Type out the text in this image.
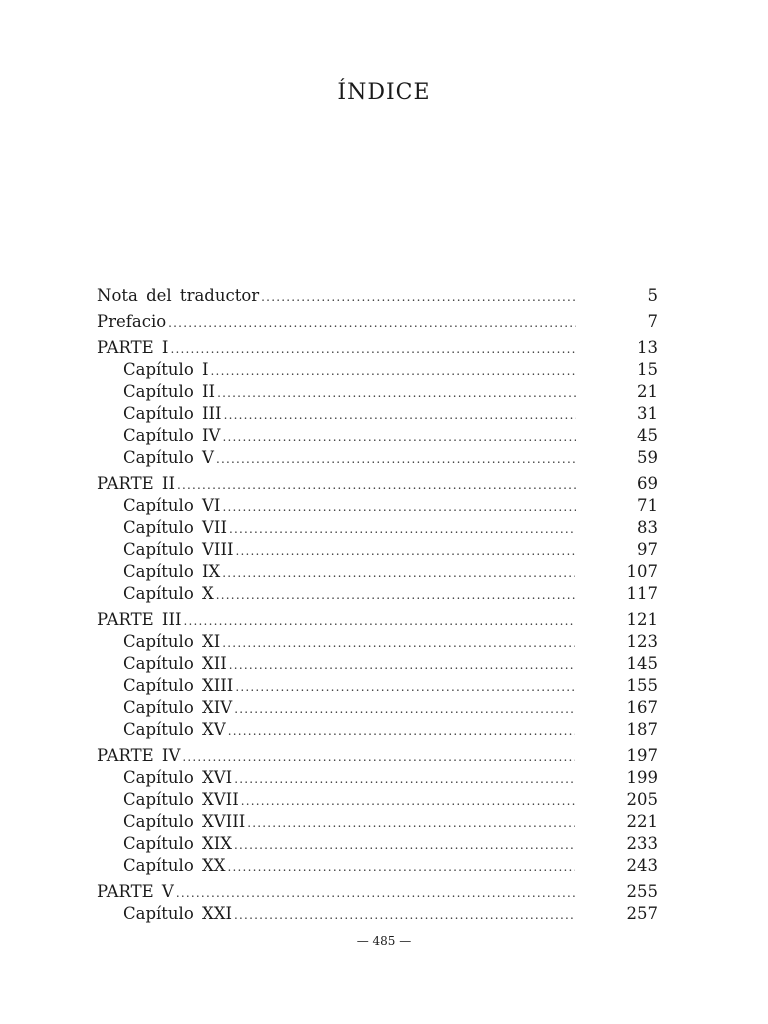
ÍNDICE
Nota del traductor .....	5
Prefacio .....	7
PARTE I .....	13
Capítulo I .....	15
Capítulo II .....	21
Capítulo III .....	31
Capítulo IV .....	45
Capítulo V .....	59
PARTE II .....	69
Capítulo VI .....	71
Capítulo VII .....	83
Capítulo VIII .....	97
Capítulo IX .....	107
Capítulo X .....	117
PARTE III .....	121
Capítulo XI .....	123
Capítulo XII .....	145
Capítulo XIII .....	155
Capítulo XIV .....	167
Capítulo XV .....	187
PARTE IV .....	197
Capítulo XVI .....	199
Capítulo XVII .....	205
Capítulo XVIII .....	221
Capítulo XIX .....	233
Capítulo XX .....	243
PARTE V .....	255
Capítulo XXI .....	257
— 485 —
